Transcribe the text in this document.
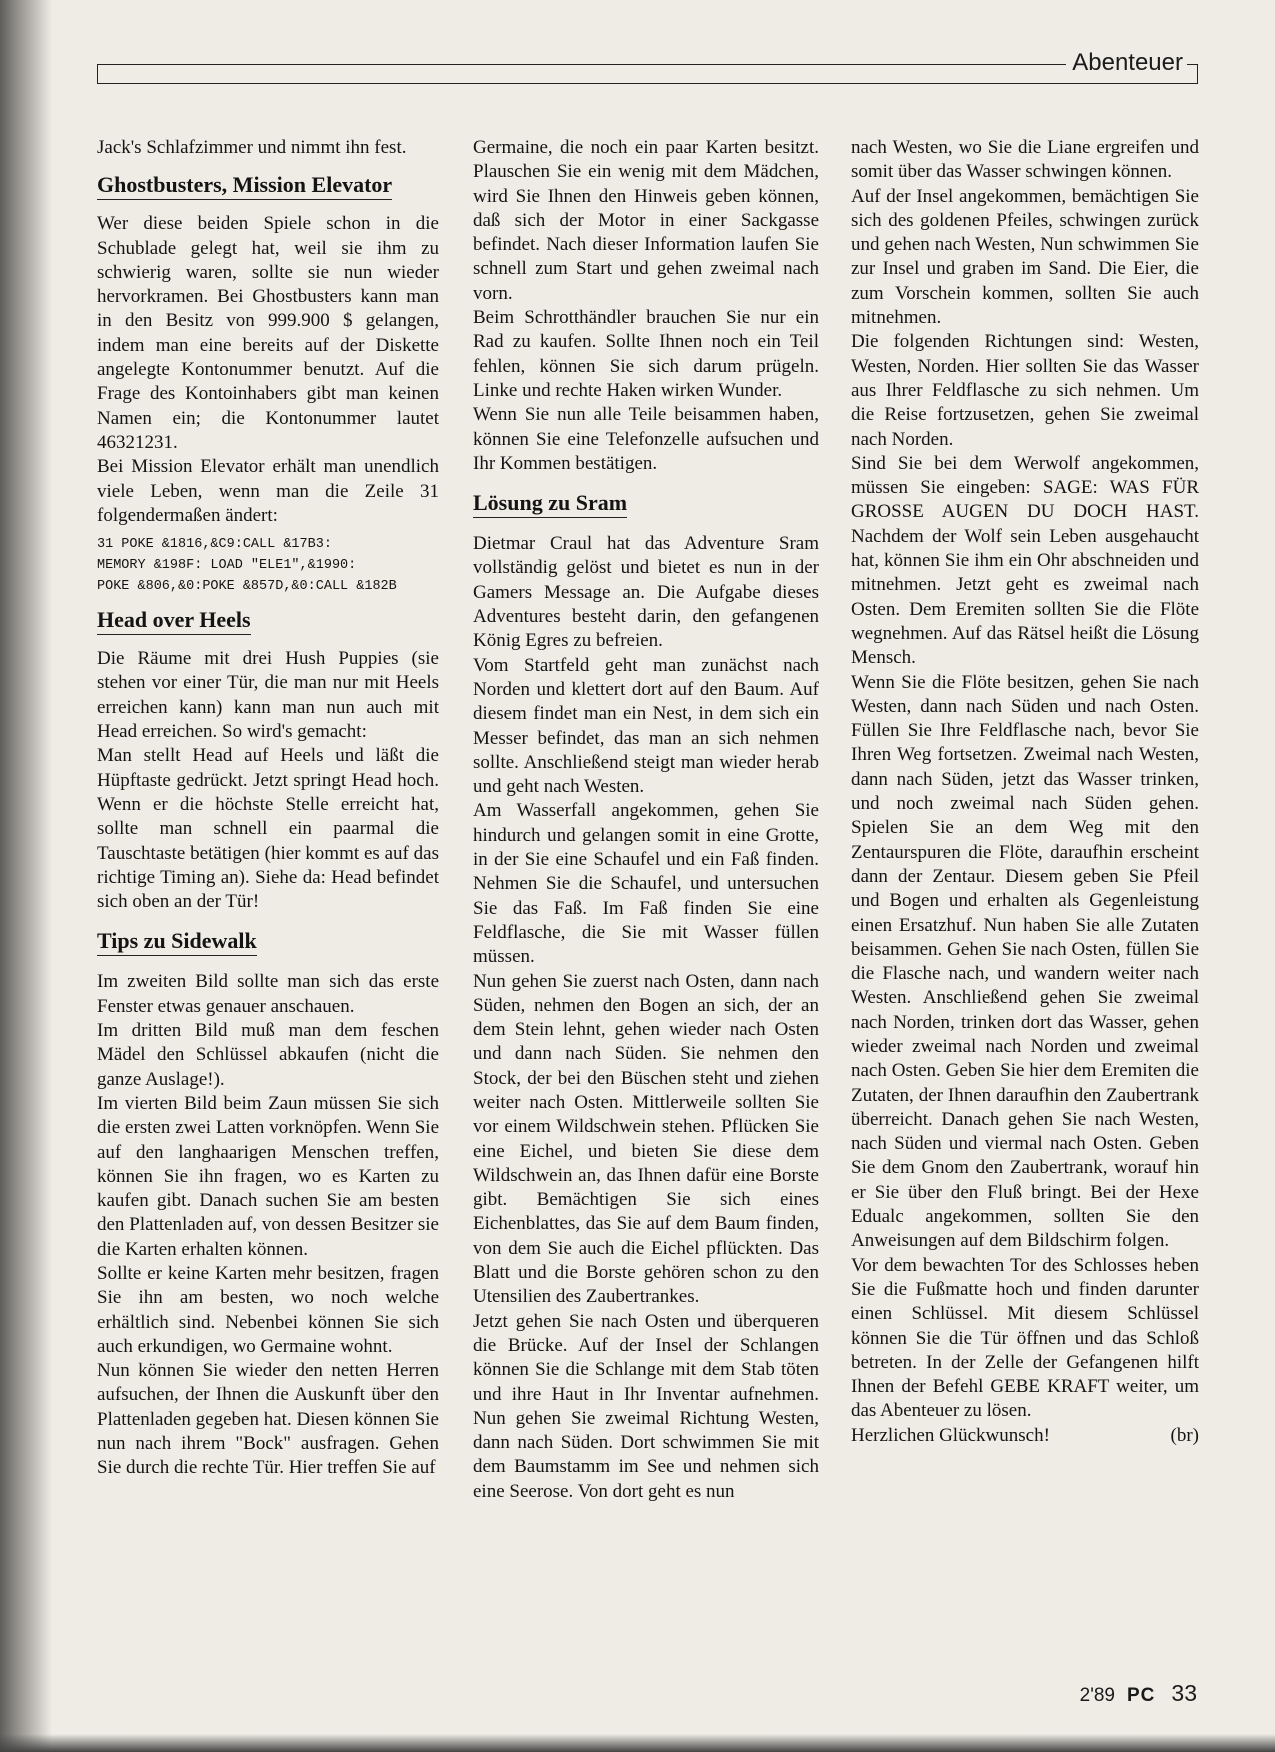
Abenteuer

Jack's Schlafzimmer und nimmt ihn fest.

Ghostbusters, Mission Elevator

Wer diese beiden Spiele schon in die Schublade gelegt hat, weil sie ihm zu schwierig waren, sollte sie nun wieder hervorkramen. Bei Ghostbusters kann man in den Besitz von 999.900 $ gelangen, indem man eine bereits auf der Diskette angelegte Kontonummer benutzt. Auf die Frage des Kontoinhabers gibt man keinen Namen ein; die Kontonummer lautet 46321231.

Bei Mission Elevator erhält man unendlich viele Leben, wenn man die Zeile 31 folgendermaßen ändert:

31 POKE &1816,&C9:CALL &17B3:
MEMORY &198F: LOAD "ELE1",&1990:
POKE &806,&0:POKE &857D,&0:CALL &182B
Head over Heels

Die Räume mit drei Hush Puppies (sie stehen vor einer Tür, die man nur mit Heels erreichen kann) kann man nun auch mit Head erreichen. So wird's gemacht:

Man stellt Head auf Heels und läßt die Hüpftaste gedrückt. Jetzt springt Head hoch. Wenn er die höchste Stelle erreicht hat, sollte man schnell ein paarmal die Tauschtaste betätigen (hier kommt es auf das richtige Timing an). Siehe da: Head befindet sich oben an der Tür!

Tips zu Sidewalk

Im zweiten Bild sollte man sich das erste Fenster etwas genauer anschauen.

Im dritten Bild muß man dem feschen Mädel den Schlüssel abkaufen (nicht die ganze Auslage!).

Im vierten Bild beim Zaun müssen Sie sich die ersten zwei Latten vorknöpfen. Wenn Sie auf den langhaarigen Menschen treffen, können Sie ihn fragen, wo es Karten zu kaufen gibt. Danach suchen Sie am besten den Plattenladen auf, von dessen Besitzer sie die Karten erhalten können.

Sollte er keine Karten mehr besitzen, fragen Sie ihn am besten, wo noch welche erhältlich sind. Nebenbei können Sie sich auch erkundigen, wo Germaine wohnt.

Nun können Sie wieder den netten Herren aufsuchen, der Ihnen die Auskunft über den Plattenladen gegeben hat. Diesen können Sie nun nach ihrem "Bock" ausfragen. Gehen Sie durch die rechte Tür. Hier treffen Sie auf

Germaine, die noch ein paar Karten besitzt. Plauschen Sie ein wenig mit dem Mädchen, wird Sie Ihnen den Hinweis geben können, daß sich der Motor in einer Sackgasse befindet. Nach dieser Information laufen Sie schnell zum Start und gehen zweimal nach vorn.

Beim Schrotthändler brauchen Sie nur ein Rad zu kaufen. Sollte Ihnen noch ein Teil fehlen, können Sie sich darum prügeln. Linke und rechte Haken wirken Wunder.

Wenn Sie nun alle Teile beisammen haben, können Sie eine Telefonzelle aufsuchen und Ihr Kommen bestätigen.

Lösung zu Sram

Dietmar Craul hat das Adventure Sram vollständig gelöst und bietet es nun in der Gamers Message an. Die Aufgabe dieses Adventures besteht darin, den gefangenen König Egres zu befreien.

Vom Startfeld geht man zunächst nach Norden und klettert dort auf den Baum. Auf diesem findet man ein Nest, in dem sich ein Messer befindet, das man an sich nehmen sollte. Anschließend steigt man wieder herab und geht nach Westen.

Am Wasserfall angekommen, gehen Sie hindurch und gelangen somit in eine Grotte, in der Sie eine Schaufel und ein Faß finden. Nehmen Sie die Schaufel, und untersuchen Sie das Faß. Im Faß finden Sie eine Feldflasche, die Sie mit Wasser füllen müssen.

Nun gehen Sie zuerst nach Osten, dann nach Süden, nehmen den Bogen an sich, der an dem Stein lehnt, gehen wieder nach Osten und dann nach Süden. Sie nehmen den Stock, der bei den Büschen steht und ziehen weiter nach Osten. Mittlerweile sollten Sie vor einem Wildschwein stehen. Pflücken Sie eine Eichel, und bieten Sie diese dem Wildschwein an, das Ihnen dafür eine Borste gibt. Bemächtigen Sie sich eines Eichenblattes, das Sie auf dem Baum finden, von dem Sie auch die Eichel pflückten. Das Blatt und die Borste gehören schon zu den Utensilien des Zaubertrankes.

Jetzt gehen Sie nach Osten und überqueren die Brücke. Auf der Insel der Schlangen können Sie die Schlange mit dem Stab töten und ihre Haut in Ihr Inventar aufnehmen. Nun gehen Sie zweimal Richtung Westen, dann nach Süden. Dort schwimmen Sie mit dem Baumstamm im See und nehmen sich eine Seerose. Von dort geht es nun

nach Westen, wo Sie die Liane ergreifen und somit über das Wasser schwingen können.

Auf der Insel angekommen, bemächtigen Sie sich des goldenen Pfeiles, schwingen zurück und gehen nach Westen, Nun schwimmen Sie zur Insel und graben im Sand. Die Eier, die zum Vorschein kommen, sollten Sie auch mitnehmen.

Die folgenden Richtungen sind: Westen, Westen, Norden. Hier sollten Sie das Wasser aus Ihrer Feldflasche zu sich nehmen. Um die Reise fortzusetzen, gehen Sie zweimal nach Norden.

Sind Sie bei dem Werwolf angekommen, müssen Sie eingeben: SAGE: WAS FÜR GROSSE AUGEN DU DOCH HAST. Nachdem der Wolf sein Leben ausgehaucht hat, können Sie ihm ein Ohr abschneiden und mitnehmen. Jetzt geht es zweimal nach Osten. Dem Eremiten sollten Sie die Flöte wegnehmen. Auf das Rätsel heißt die Lösung Mensch.

Wenn Sie die Flöte besitzen, gehen Sie nach Westen, dann nach Süden und nach Osten. Füllen Sie Ihre Feldflasche nach, bevor Sie Ihren Weg fortsetzen. Zweimal nach Westen, dann nach Süden, jetzt das Wasser trinken, und noch zweimal nach Süden gehen. Spielen Sie an dem Weg mit den Zentaurspuren die Flöte, daraufhin erscheint dann der Zentaur. Diesem geben Sie Pfeil und Bogen und erhalten als Gegenleistung einen Ersatzhuf. Nun haben Sie alle Zutaten beisammen. Gehen Sie nach Osten, füllen Sie die Flasche nach, und wandern weiter nach Westen. Anschließend gehen Sie zweimal nach Norden, trinken dort das Wasser, gehen wieder zweimal nach Norden und zweimal nach Osten. Geben Sie hier dem Eremiten die Zutaten, der Ihnen daraufhin den Zaubertrank überreicht. Danach gehen Sie nach Westen, nach Süden und viermal nach Osten. Geben Sie dem Gnom den Zaubertrank, worauf hin er Sie über den Fluß bringt. Bei der Hexe Edualc angekommen, sollten Sie den Anweisungen auf dem Bildschirm folgen.

Vor dem bewachten Tor des Schlosses heben Sie die Fußmatte hoch und finden darunter einen Schlüssel. Mit diesem Schlüssel können Sie die Tür öffnen und das Schloß betreten. In der Zelle der Gefangenen hilft Ihnen der Befehl GEBE KRAFT weiter, um das Abenteuer zu lösen.

Herzlichen Glückwunsch!	(br)
2'89 PC 33
